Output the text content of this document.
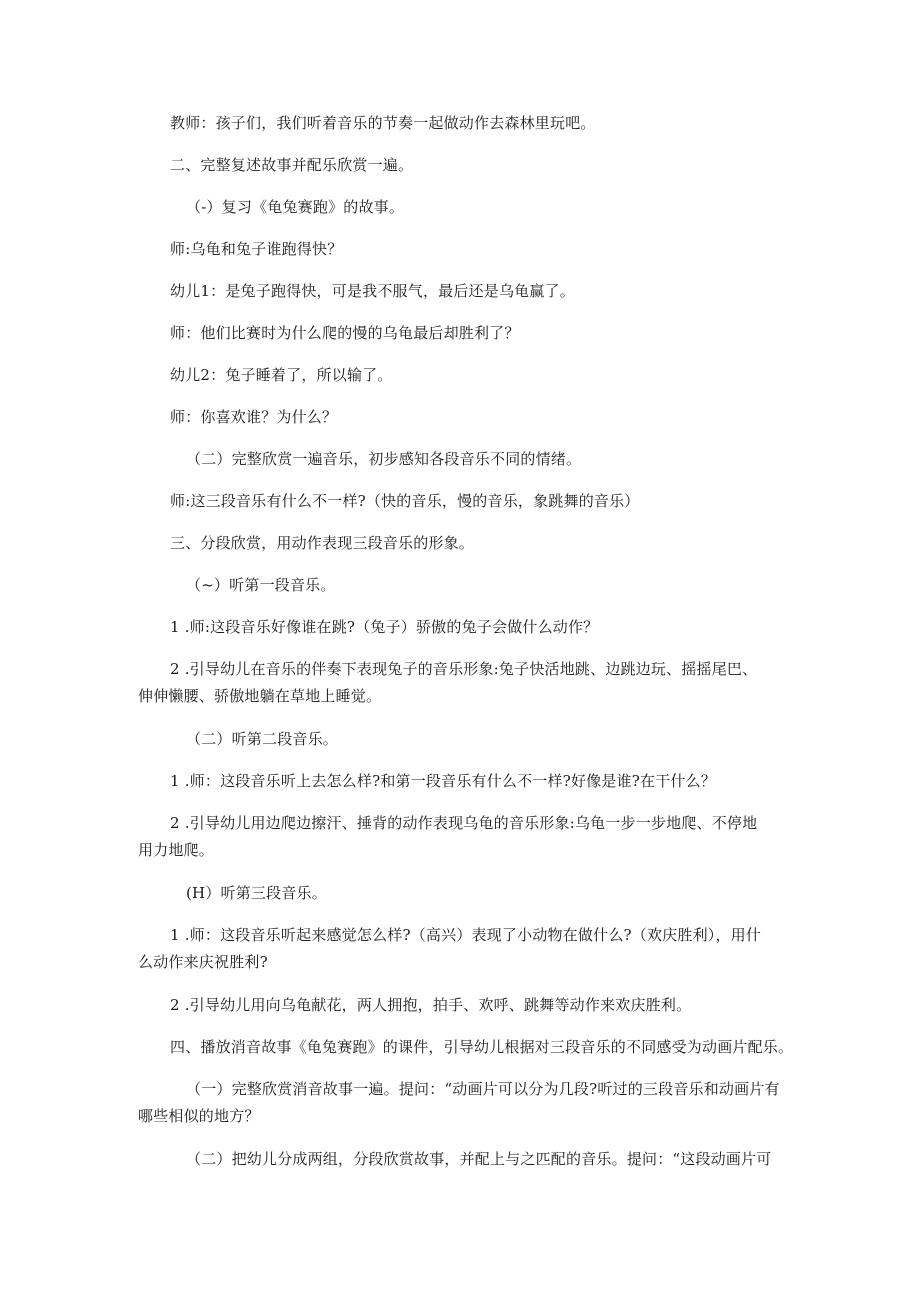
教师：孩子们，我们听着音乐的节奏一起做动作去森林里玩吧。
二、完整复述故事并配乐欣赏一遍。
（-）复习《龟兔赛跑》的故事。
师:乌龟和兔子谁跑得快？
幼儿1：是兔子跑得快，可是我不服气，最后还是乌龟赢了。
师：他们比赛时为什么爬的慢的乌龟最后却胜利了？
幼儿2：兔子睡着了，所以输了。
师：你喜欢谁？为什么？
（二）完整欣赏一遍音乐，初步感知各段音乐不同的情绪。
师:这三段音乐有什么不一样?（快的音乐，慢的音乐，象跳舞的音乐）
三、分段欣赏，用动作表现三段音乐的形象。
（~）听第一段音乐。
1 .师:这段音乐好像谁在跳?（兔子）骄傲的兔子会做什么动作？
2 .引导幼儿在音乐的伴奏下表现兔子的音乐形象:兔子快活地跳、边跳边玩、摇摇尾巴、
伸伸懒腰、骄傲地躺在草地上睡觉。
（二）听第二段音乐。
1 .师：这段音乐听上去怎么样?和第一段音乐有什么不一样?好像是谁?在干什么？
2 .引导幼儿用边爬边擦汗、捶背的动作表现乌龟的音乐形象:乌龟一步一步地爬、不停地
用力地爬。
(H）听第三段音乐。
1 .师：这段音乐听起来感觉怎么样?（高兴）表现了小动物在做什么?（欢庆胜利），用什
么动作来庆祝胜利?
2 .引导幼儿用向乌龟献花，两人拥抱，拍手、欢呼、跳舞等动作来欢庆胜利。
四、播放消音故事《龟兔赛跑》的课件，引导幼儿根据对三段音乐的不同感受为动画片配乐。
（一）完整欣赏消音故事一遍。提问：“动画片可以分为几段?听过的三段音乐和动画片有
哪些相似的地方？
（二）把幼儿分成两组，分段欣赏故事，并配上与之匹配的音乐。提问：“这段动画片可
